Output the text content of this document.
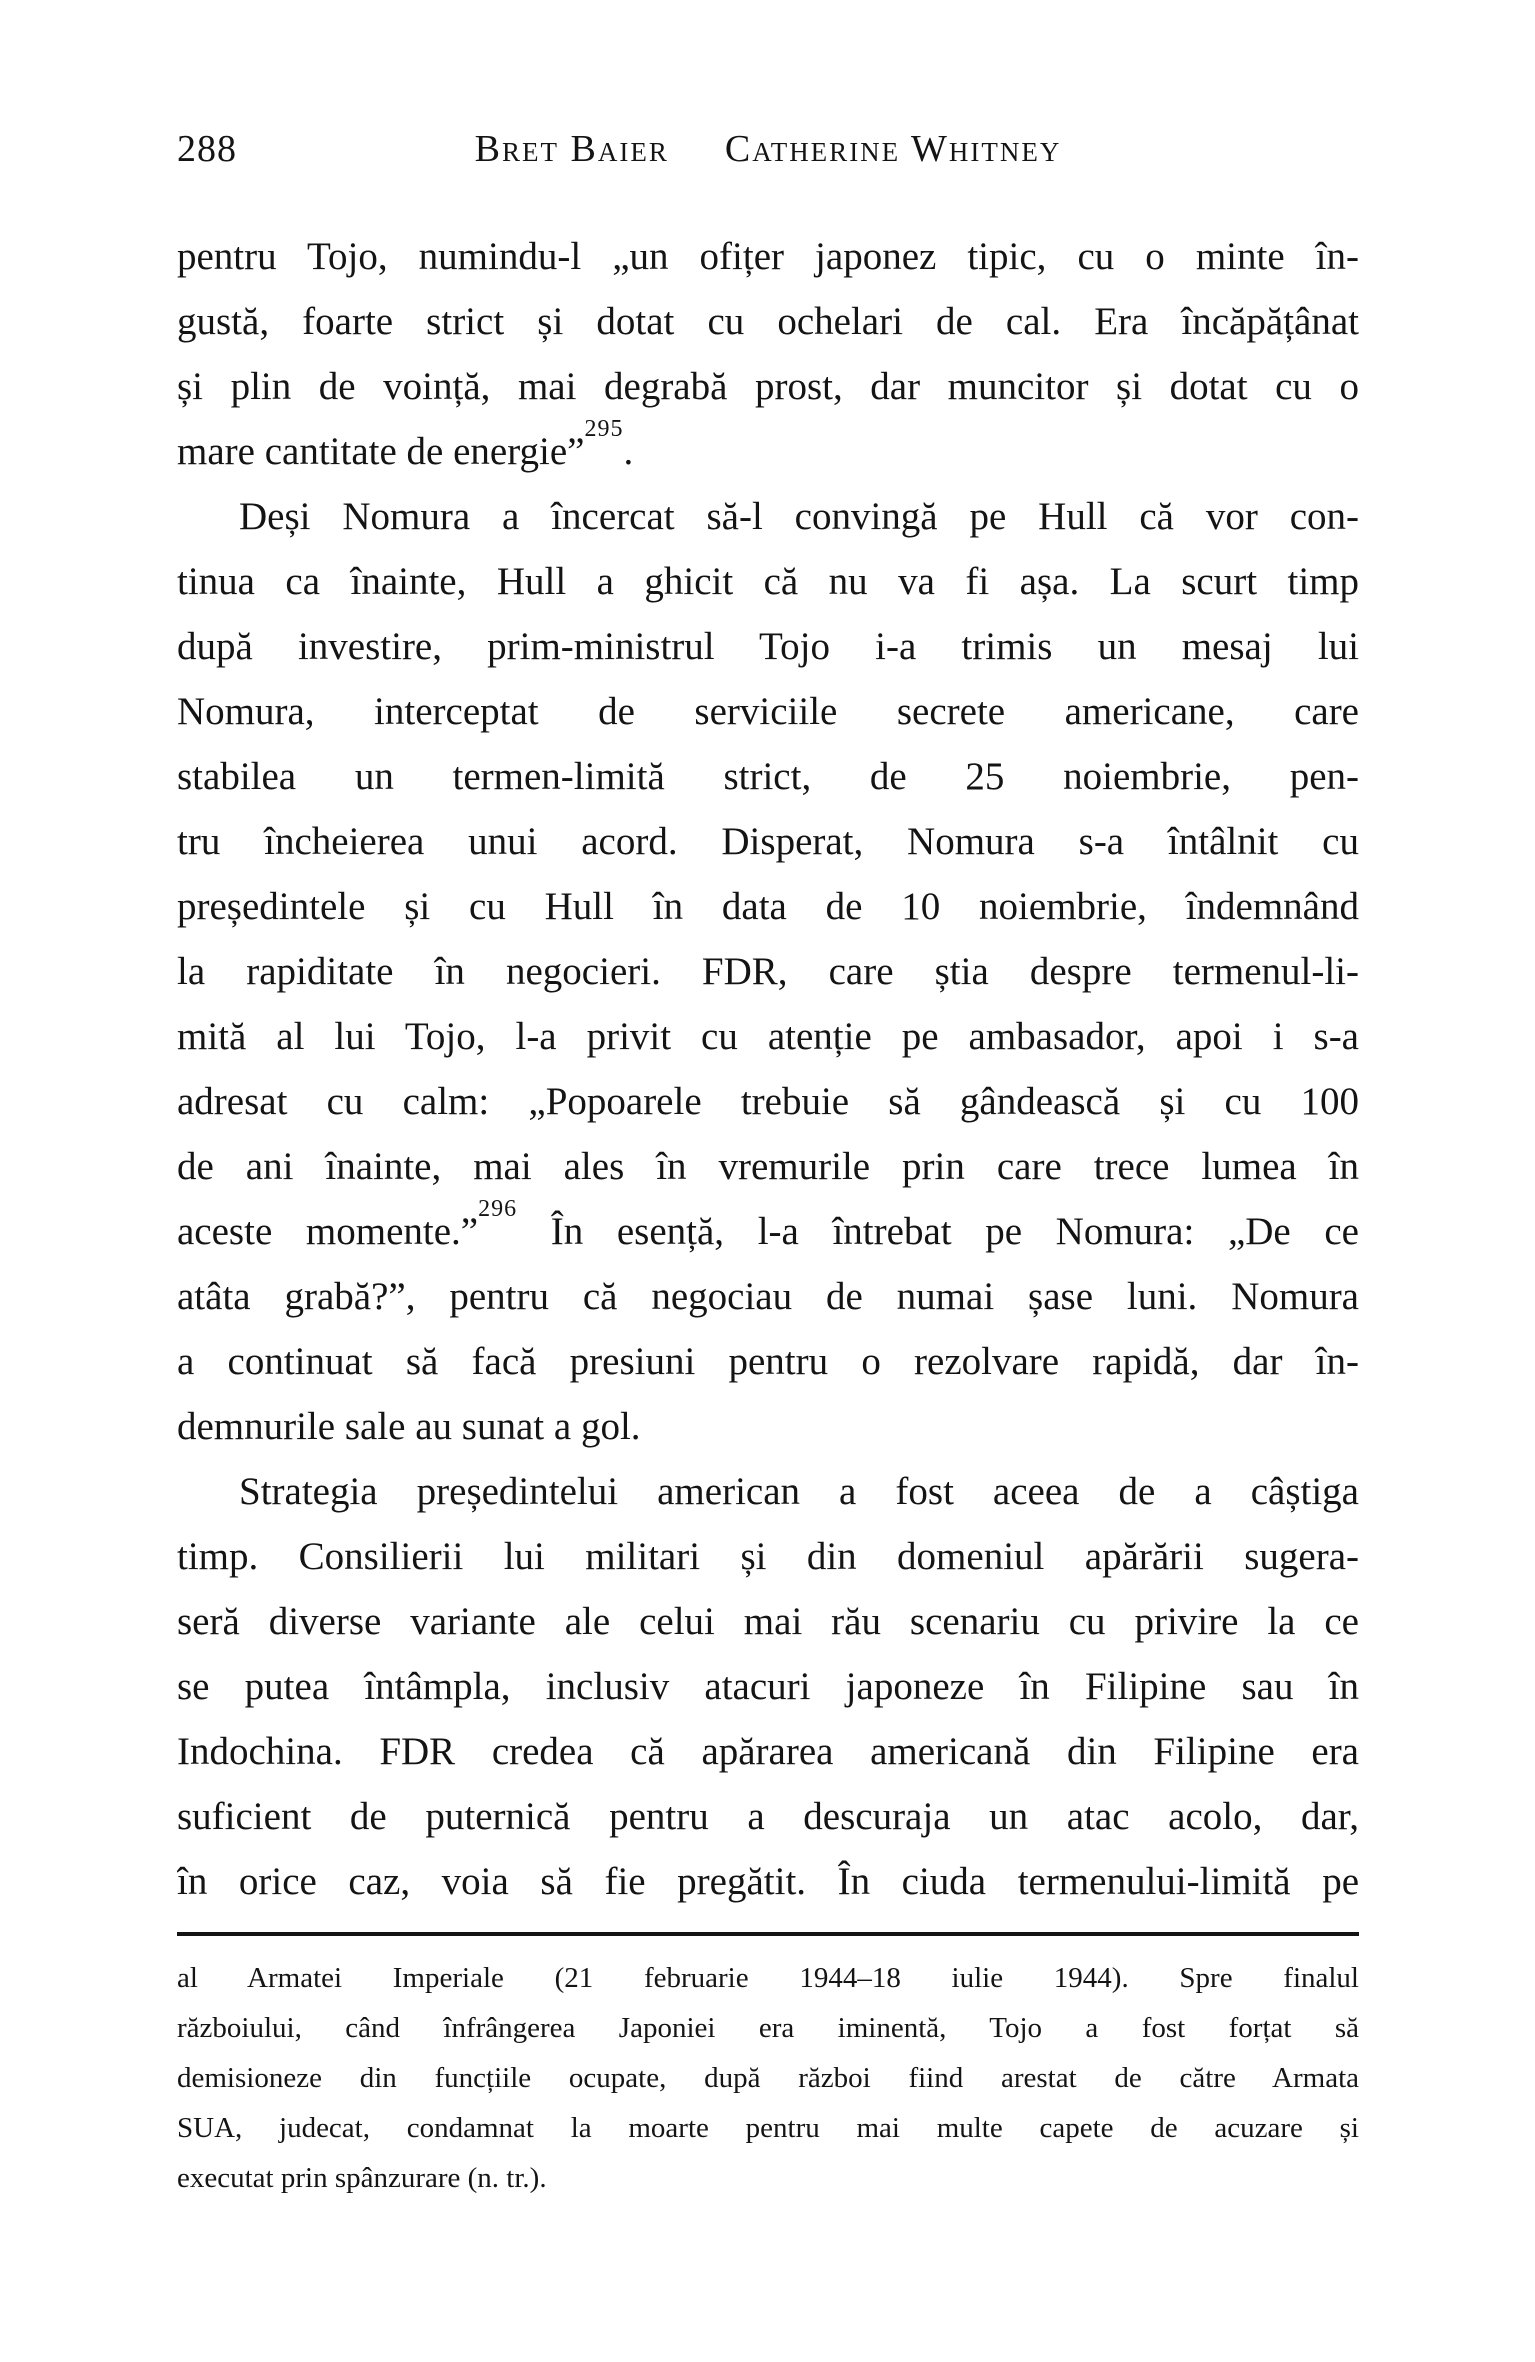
288	Bret Baier Catherine Whitney
pentru Tojo, numindu-l „un ofițer japonez tipic, cu o minte în-
gustă, foarte strict și dotat cu ochelari de cal. Era încăpățânat
și plin de voință, mai degrabă prost, dar muncitor și dotat cu o
mare cantitate de energie”$^{295}$.
Deși Nomura a încercat să-l convingă pe Hull că vor con-
tinua ca înainte, Hull a ghicit că nu va fi așa. La scurt timp
după investire, prim-ministrul Tojo i-a trimis un mesaj lui
Nomura, interceptat de serviciile secrete americane, care
stabilea un termen-limită strict, de 25 noiembrie, pen-
tru încheierea unui acord. Disperat, Nomura s-a întâlnit cu
președintele și cu Hull în data de 10 noiembrie, îndemnând
la rapiditate în negocieri. FDR, care știa despre termenul-li-
mită al lui Tojo, l-a privit cu atenție pe ambasador, apoi i s-a
adresat cu calm: „Popoarele trebuie să gândească și cu 100
de ani înainte, mai ales în vremurile prin care trece lumea în
aceste momente.”$^{296}$ În esență, l-a întrebat pe Nomura: „De ce
atâta grabă?”, pentru că negociau de numai șase luni. Nomura
a continuat să facă presiuni pentru o rezolvare rapidă, dar în-
demnurile sale au sunat a gol.
Strategia președintelui american a fost aceea de a câștiga
timp. Consilierii lui militari și din domeniul apărării sugera-
seră diverse variante ale celui mai rău scenariu cu privire la ce
se putea întâmpla, inclusiv atacuri japoneze în Filipine sau în
Indochina. FDR credea că apărarea americană din Filipine era
suficient de puternică pentru a descuraja un atac acolo, dar,
în orice caz, voia să fie pregătit. În ciuda termenului-limită pe
al Armatei Imperiale (21 februarie 1944–18 iulie 1944). Spre finalul
războiului, când înfrângerea Japoniei era iminentă, Tojo a fost forțat să
demisioneze din funcțiile ocupate, după război fiind arestat de către Armata
SUA, judecat, condamnat la moarte pentru mai multe capete de acuzare și
executat prin spânzurare (n. tr.).
